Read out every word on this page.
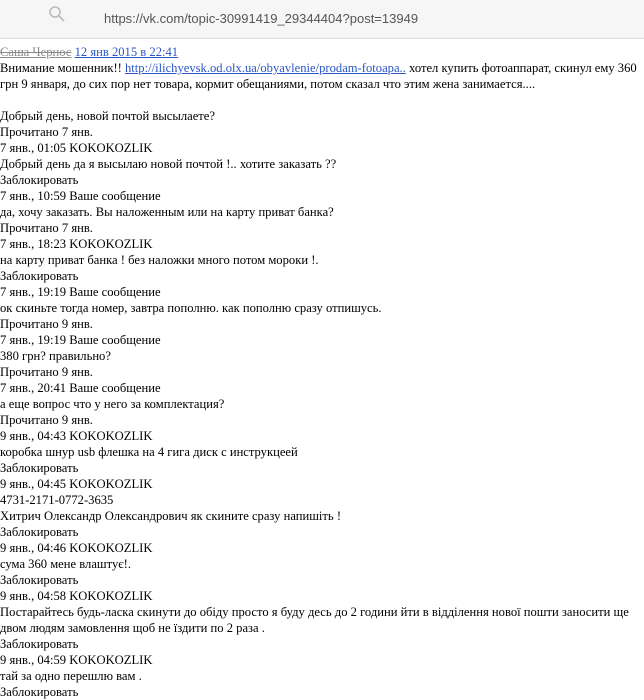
https://vk.com/topic-30991419_29344404?post=13949
Саша Чернос 12 янв 2015 в 22:41
Внимание мошенник!! http://ilichyevsk.od.olx.ua/obyavlenie/prodam-fotoapa.. хотел купить фотоаппарат, скинул ему 360 грн 9 января, до сих пор нет товара, кормит обещаниями, потом сказал что этим жена занимается....
Добрый день, новой почтой высылаете?
Прочитано 7 янв.
7 янв., 01:05 KOKOKOZLIK
Добрый день да я высылаю новой почтой !.. хотите заказать ??
Заблокировать
7 янв., 10:59 Ваше сообщение
да, хочу заказать. Вы наложенным или на карту приват банка?
Прочитано 7 янв.
7 янв., 18:23 KOKOKOZLIK
на карту приват банка ! без наложки много потом мороки !.
Заблокировать
7 янв., 19:19 Ваше сообщение
ок скиньте тогда номер, завтра пополню. как пополню сразу отпишусь.
Прочитано 9 янв.
7 янв., 19:19 Ваше сообщение
380 грн? правильно?
Прочитано 9 янв.
7 янв., 20:41 Ваше сообщение
а еще вопрос что у него за комплектация?
Прочитано 9 янв.
9 янв., 04:43 KOKOKOZLIK
коробка шнур usb флешка на 4 гига диск с инструкцеей
Заблокировать
9 янв., 04:45 KOKOKOZLIK
4731-2171-0772-3635
Хитрич Олександр Олександрович як скините сразу напишіть !
Заблокировать
9 янв., 04:46 KOKOKOZLIK
сума 360 мене влаштує!.
Заблокировать
9 янв., 04:58 KOKOKOZLIK
Постарайтесь будь-ласка скинути до обіду просто я буду десь до 2 години йти в відділення нової пошти заносити ще двом людям замовлення щоб не їздити по 2 раза .
Заблокировать
9 янв., 04:59 KOKOKOZLIK
тай за одно перешлю вам .
Заблокировать
